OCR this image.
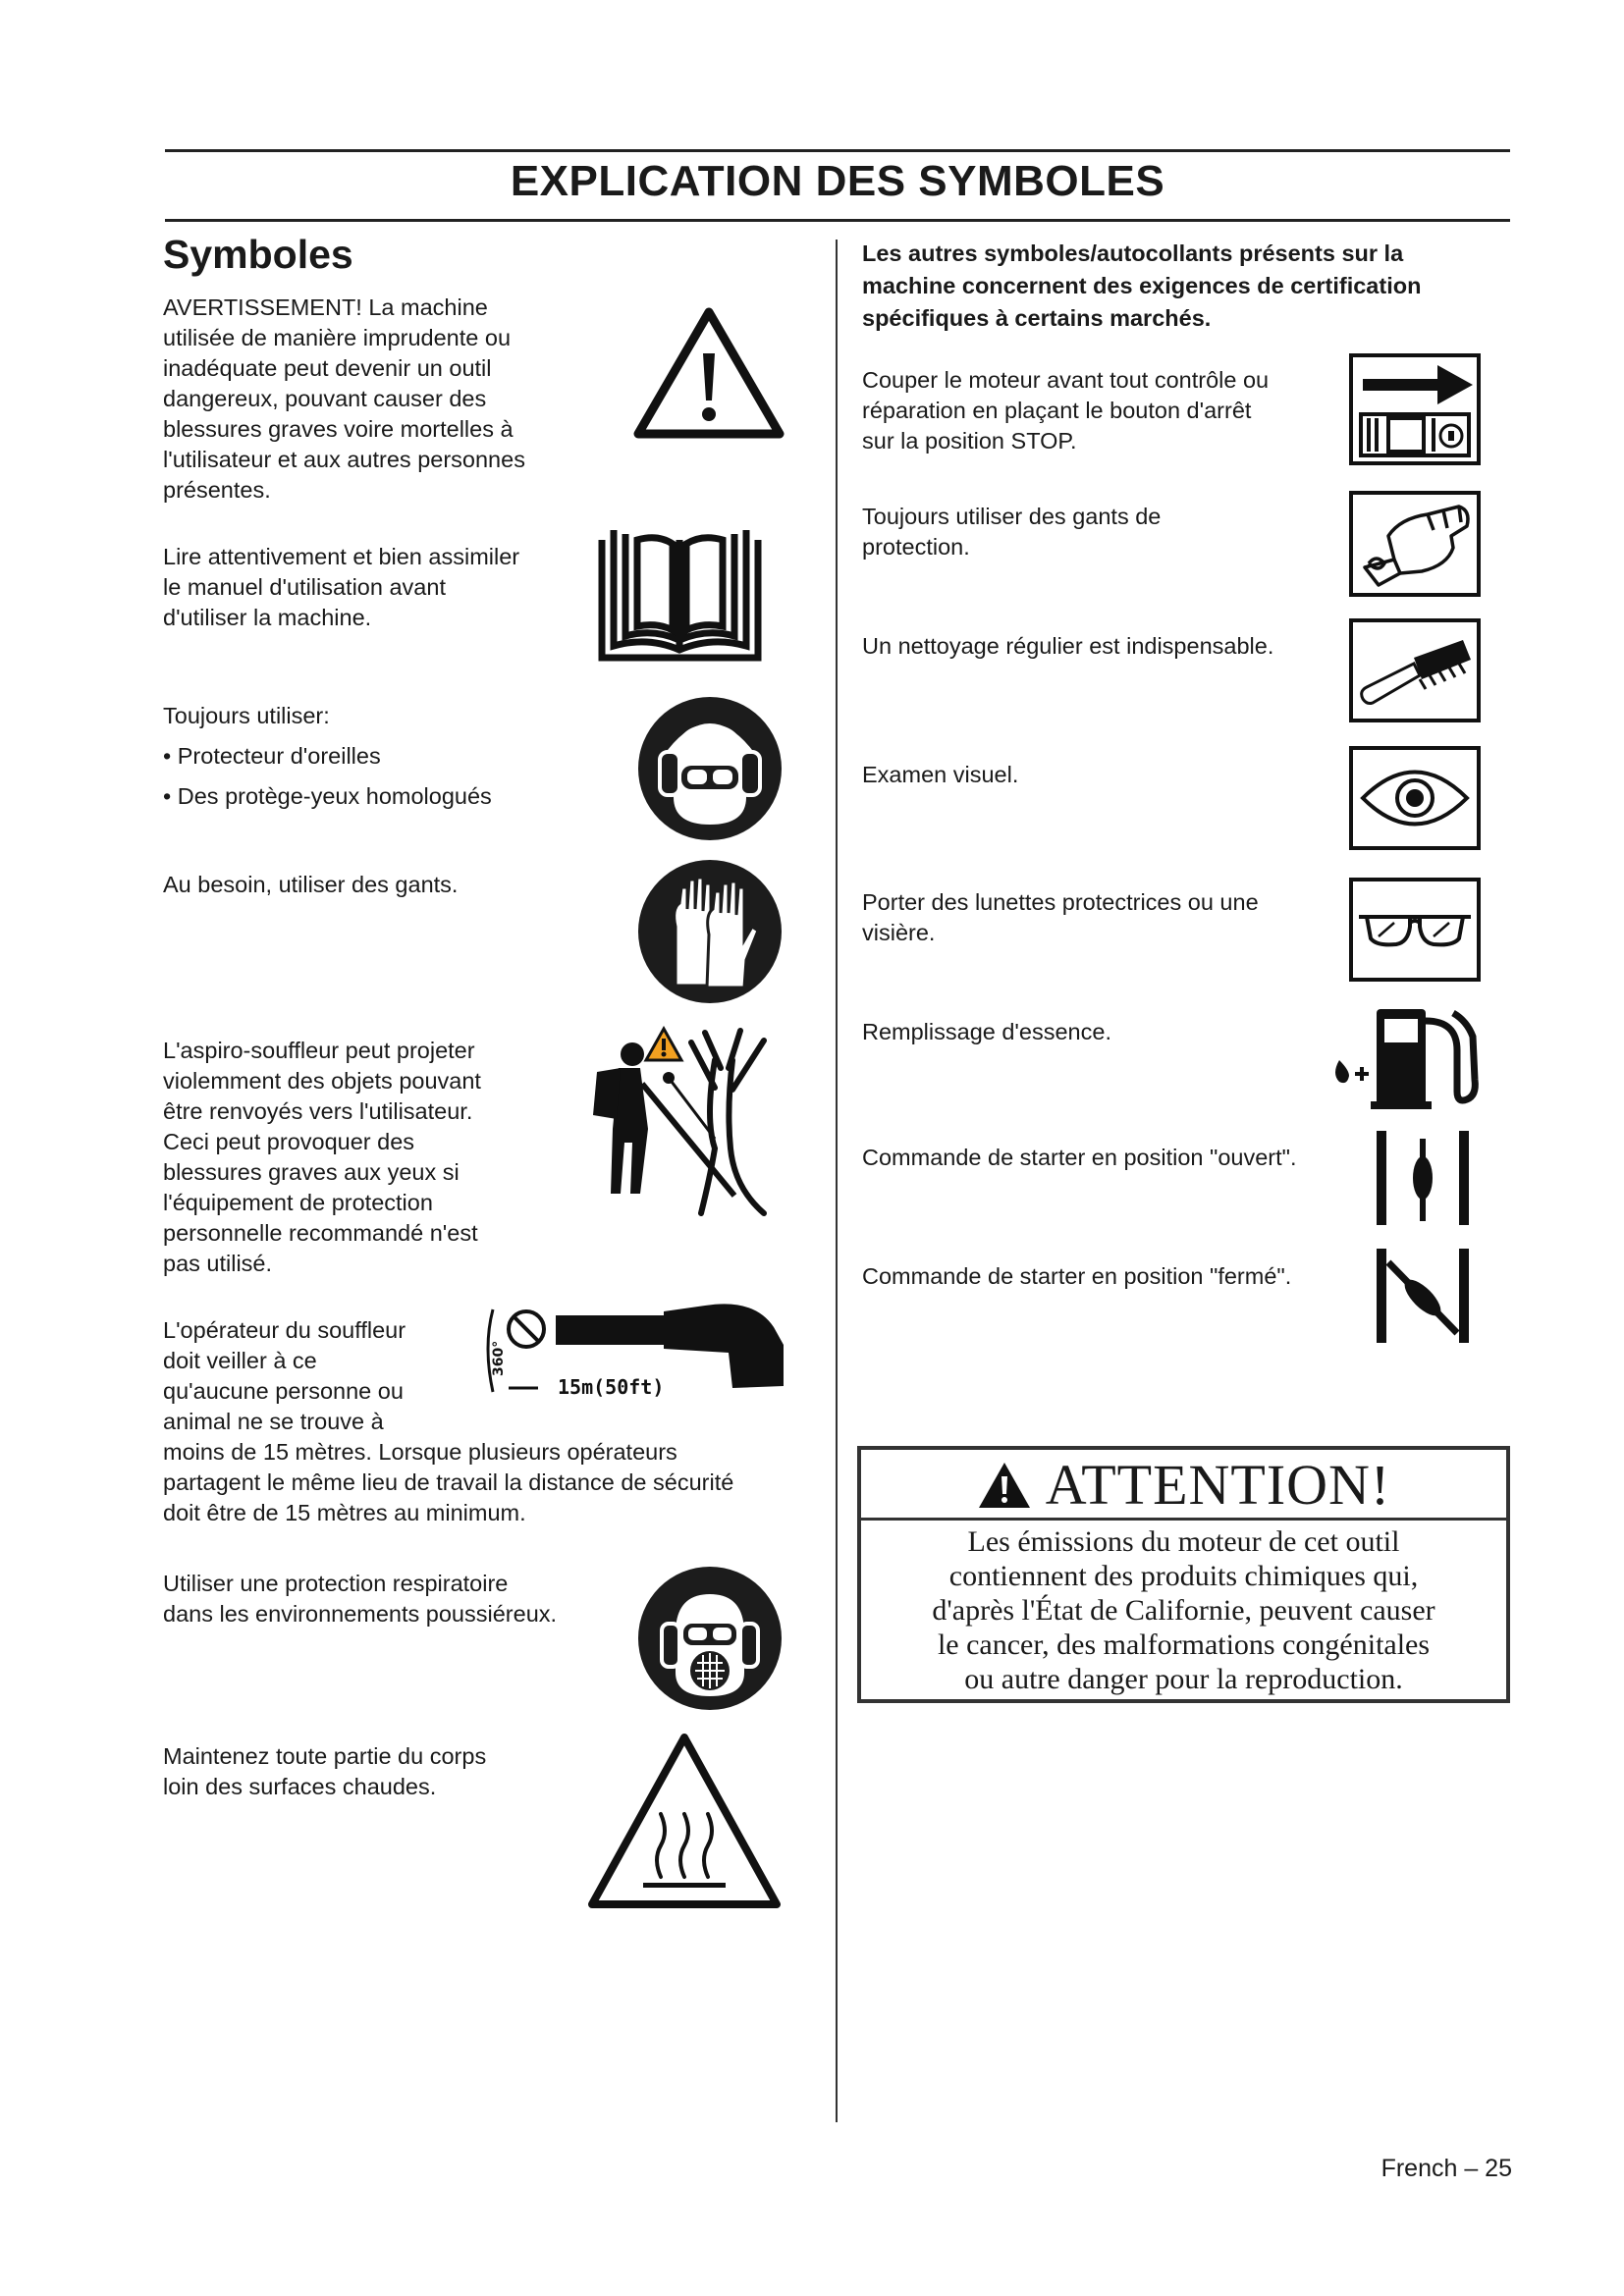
EXPLICATION DES SYMBOLES
Symboles

AVERTISSEMENT! La machine

utilisée de manière imprudente ou

inadéquate peut devenir un outil

dangereux, pouvant causer des

blessures graves voire mortelles à

l'utilisateur et aux autres personnes

présentes.

Lire attentivement et bien assimiler

le manuel d'utilisation avant

d'utiliser la machine.

Toujours utiliser:

• Protecteur d'oreilles

• Des protège-yeux homologués

Au besoin, utiliser des gants.

L'aspiro-souffleur peut projeter

violemment des objets pouvant

être renvoyés vers l'utilisateur.

Ceci peut provoquer des

blessures graves aux yeux si

l'équipement de protection

personnelle recommandé n'est

pas utilisé.

L'opérateur du souffleur

doit veiller à ce

qu'aucune personne ou

animal ne se trouve à

moins de 15 mètres. Lorsque plusieurs opérateurs

partagent le même lieu de travail la distance de sécurité

doit être de 15 mètres au minimum.

15m(50ft)
360°

Utiliser une protection respiratoire

dans les environnements poussiéreux.

Maintenez toute partie du corps

loin des surfaces chaudes.

Les autres symboles/autocollants présents sur la machine concernent des exigences de certification spécifiques à certains marchés.

Couper le moteur avant tout contrôle ou

réparation en plaçant le bouton d'arrêt

sur la position STOP.

Toujours utiliser des gants de

protection.

Un nettoyage régulier est indispensable.

Examen visuel.

Porter des lunettes protectrices ou une

visière.

Remplissage d'essence.

Commande de starter en position "ouvert".

Commande de starter en position "fermé".

ATTENTION!

Les émissions du moteur de cet outil

contiennent des produits chimiques qui,

d'après l'État de Californie, peuvent causer

le cancer, des malformations congénitales

ou autre danger pour la reproduction.

French – 25
